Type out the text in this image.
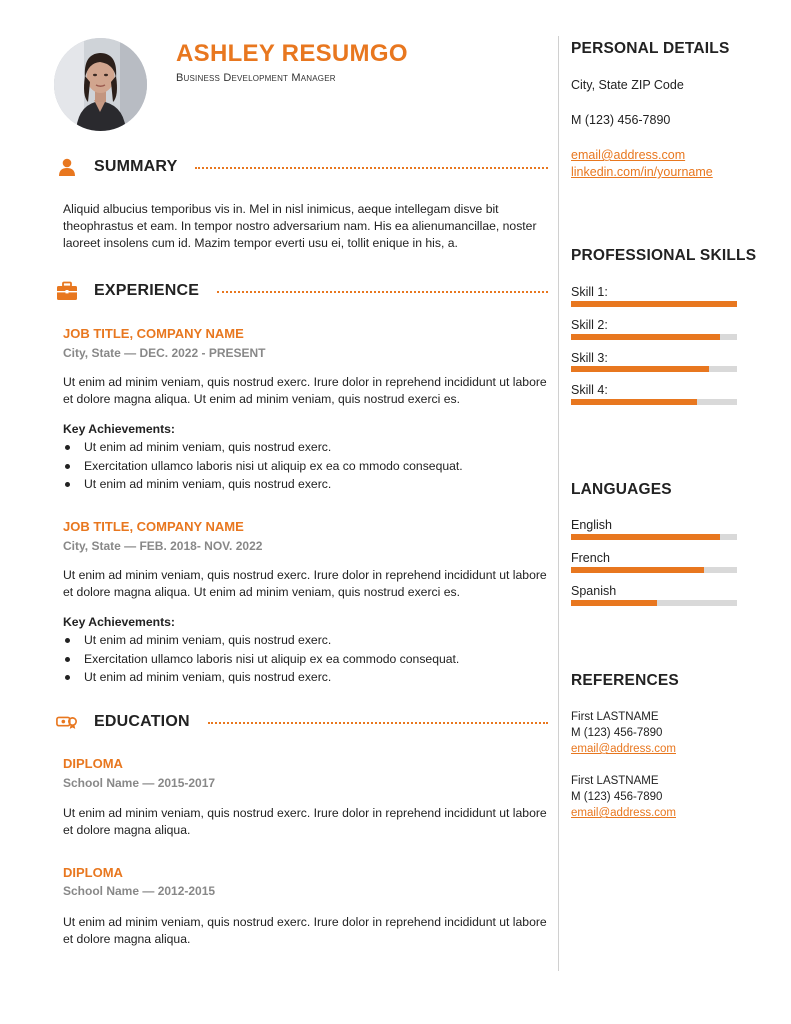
ASHLEY RESUMGO
Business Development Manager
SUMMARY
Aliquid albucius temporibus vis in. Mel in nisl inimicus, aeque intellegam disve bit theophrastus et eam. In tempor nostro adversarium nam. His ea alienumancillae, noster laoreet insolens cum id. Mazim tempor everti usu ei, tollit enique in his, a.
EXPERIENCE
JOB TITLE, COMPANY NAME
City, State — DEC. 2022 - PRESENT
Ut enim ad minim veniam, quis nostrud exerc. Irure dolor in reprehend incididunt ut labore et dolore magna aliqua. Ut enim ad minim veniam, quis nostrud exerci es.
Key Achievements:
Ut enim ad minim veniam, quis nostrud exerc.
Exercitation ullamco laboris nisi ut aliquip ex ea co mmodo consequat.
Ut enim ad minim veniam, quis nostrud exerc.
JOB TITLE, COMPANY NAME
City, State — FEB. 2018- NOV. 2022
Ut enim ad minim veniam, quis nostrud exerc. Irure dolor in reprehend incididunt ut labore et dolore magna aliqua. Ut enim ad minim veniam, quis nostrud exerci es.
Key Achievements:
Ut enim ad minim veniam, quis nostrud exerc.
Exercitation ullamco laboris nisi ut aliquip ex ea commodo consequat.
Ut enim ad minim veniam, quis nostrud exerc.
EDUCATION
DIPLOMA
School Name — 2015-2017
Ut enim ad minim veniam, quis nostrud exerc. Irure dolor in reprehend incididunt ut labore et dolore magna aliqua.
DIPLOMA
School Name — 2012-2015
Ut enim ad minim veniam, quis nostrud exerc. Irure dolor in reprehend incididunt ut labore et dolore magna aliqua.
PERSONAL DETAILS
City, State ZIP Code
M (123) 456-7890
email@address.com
linkedin.com/in/yourname
PROFESSIONAL SKILLS
Skill 1:
Skill 2:
Skill 3:
Skill 4:
LANGUAGES
English
French
Spanish
REFERENCES
First LASTNAME
M (123) 456-7890
email@address.com
First LASTNAME
M (123) 456-7890
email@address.com
